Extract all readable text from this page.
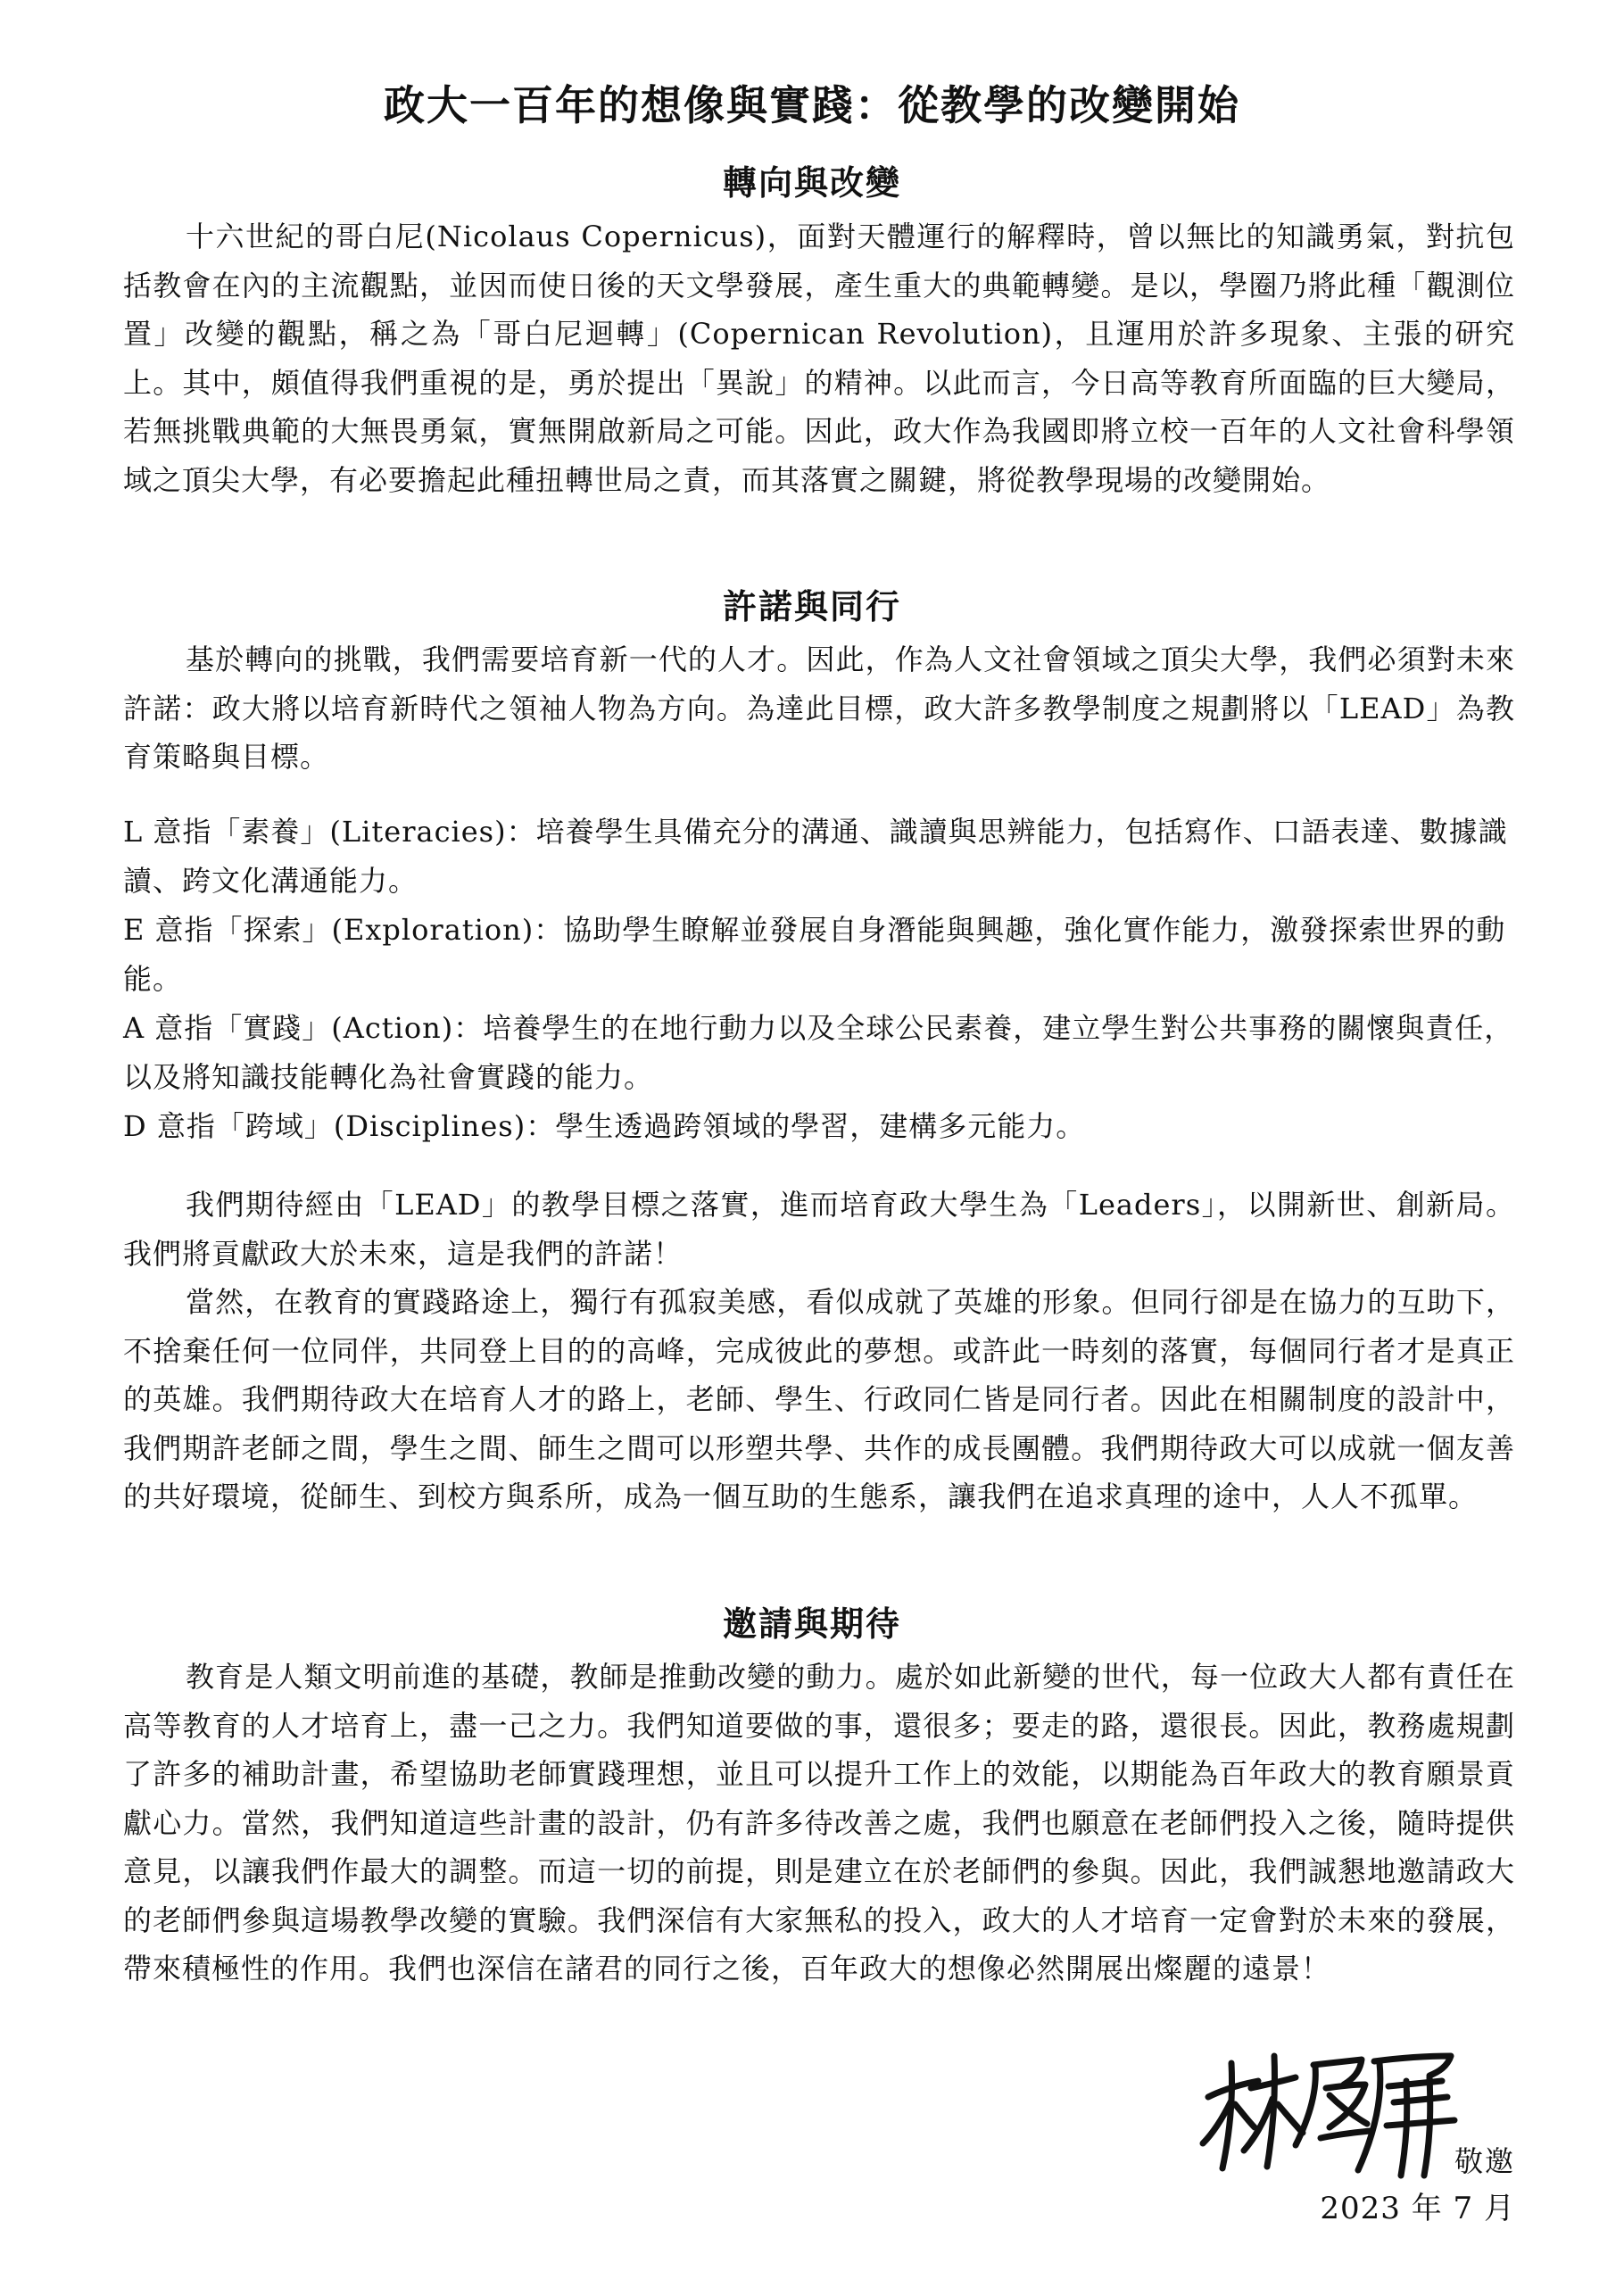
政大一百年的想像與實踐：從教學的改變開始
轉向與改變
十六世紀的哥白尼(Nicolaus Copernicus)，面對天體運行的解釋時，曾以無比的知識勇氣，對抗包括教會在內的主流觀點，並因而使日後的天文學發展，產生重大的典範轉變。是以，學圈乃將此種「觀測位置」改變的觀點，稱之為「哥白尼迴轉」(Copernican Revolution)，且運用於許多現象、主張的研究上。其中，頗值得我們重視的是，勇於提出「異說」的精神。以此而言，今日高等教育所面臨的巨大變局，若無挑戰典範的大無畏勇氣，實無開啟新局之可能。因此，政大作為我國即將立校一百年的人文社會科學領域之頂尖大學，有必要擔起此種扭轉世局之責，而其落實之關鍵，將從教學現場的改變開始。
許諾與同行
基於轉向的挑戰，我們需要培育新一代的人才。因此，作為人文社會領域之頂尖大學，我們必須對未來許諾：政大將以培育新時代之領袖人物為方向。為達此目標，政大許多教學制度之規劃將以「LEAD」為教育策略與目標。
L 意指「素養」(Literacies)：培養學生具備充分的溝通、識讀與思辨能力，包括寫作、口語表達、數據識讀、跨文化溝通能力。
E 意指「探索」(Exploration)：協助學生瞭解並發展自身潛能與興趣，強化實作能力，激發探索世界的動能。
A 意指「實踐」(Action)：培養學生的在地行動力以及全球公民素養，建立學生對公共事務的關懷與責任，以及將知識技能轉化為社會實踐的能力。
D 意指「跨域」(Disciplines)：學生透過跨領域的學習，建構多元能力。
我們期待經由「LEAD」的教學目標之落實，進而培育政大學生為「Leaders」，以開新世、創新局。我們將貢獻政大於未來，這是我們的許諾！
當然，在教育的實踐路途上，獨行有孤寂美感，看似成就了英雄的形象。但同行卻是在協力的互助下，不捨棄任何一位同伴，共同登上目的的高峰，完成彼此的夢想。或許此一時刻的落實，每個同行者才是真正的英雄。我們期待政大在培育人才的路上，老師、學生、行政同仁皆是同行者。因此在相關制度的設計中，我們期許老師之間，學生之間、師生之間可以形塑共學、共作的成長團體。我們期待政大可以成就一個友善的共好環境，從師生、到校方與系所，成為一個互助的生態系，讓我們在追求真理的途中，人人不孤單。
邀請與期待
教育是人類文明前進的基礎，教師是推動改變的動力。處於如此新變的世代，每一位政大人都有責任在高等教育的人才培育上，盡一己之力。我們知道要做的事，還很多；要走的路，還很長。因此，教務處規劃了許多的補助計畫，希望協助老師實踐理想，並且可以提升工作上的效能，以期能為百年政大的教育願景貢獻心力。當然，我們知道這些計畫的設計，仍有許多待改善之處，我們也願意在老師們投入之後，隨時提供意見，以讓我們作最大的調整。而這一切的前提，則是建立在於老師們的參與。因此，我們誠懇地邀請政大的老師們參與這場教學改變的實驗。我們深信有大家無私的投入，政大的人才培育一定會對於未來的發展，帶來積極性的作用。我們也深信在諸君的同行之後，百年政大的想像必然開展出燦麗的遠景！
敬邀
2023 年 7 月
